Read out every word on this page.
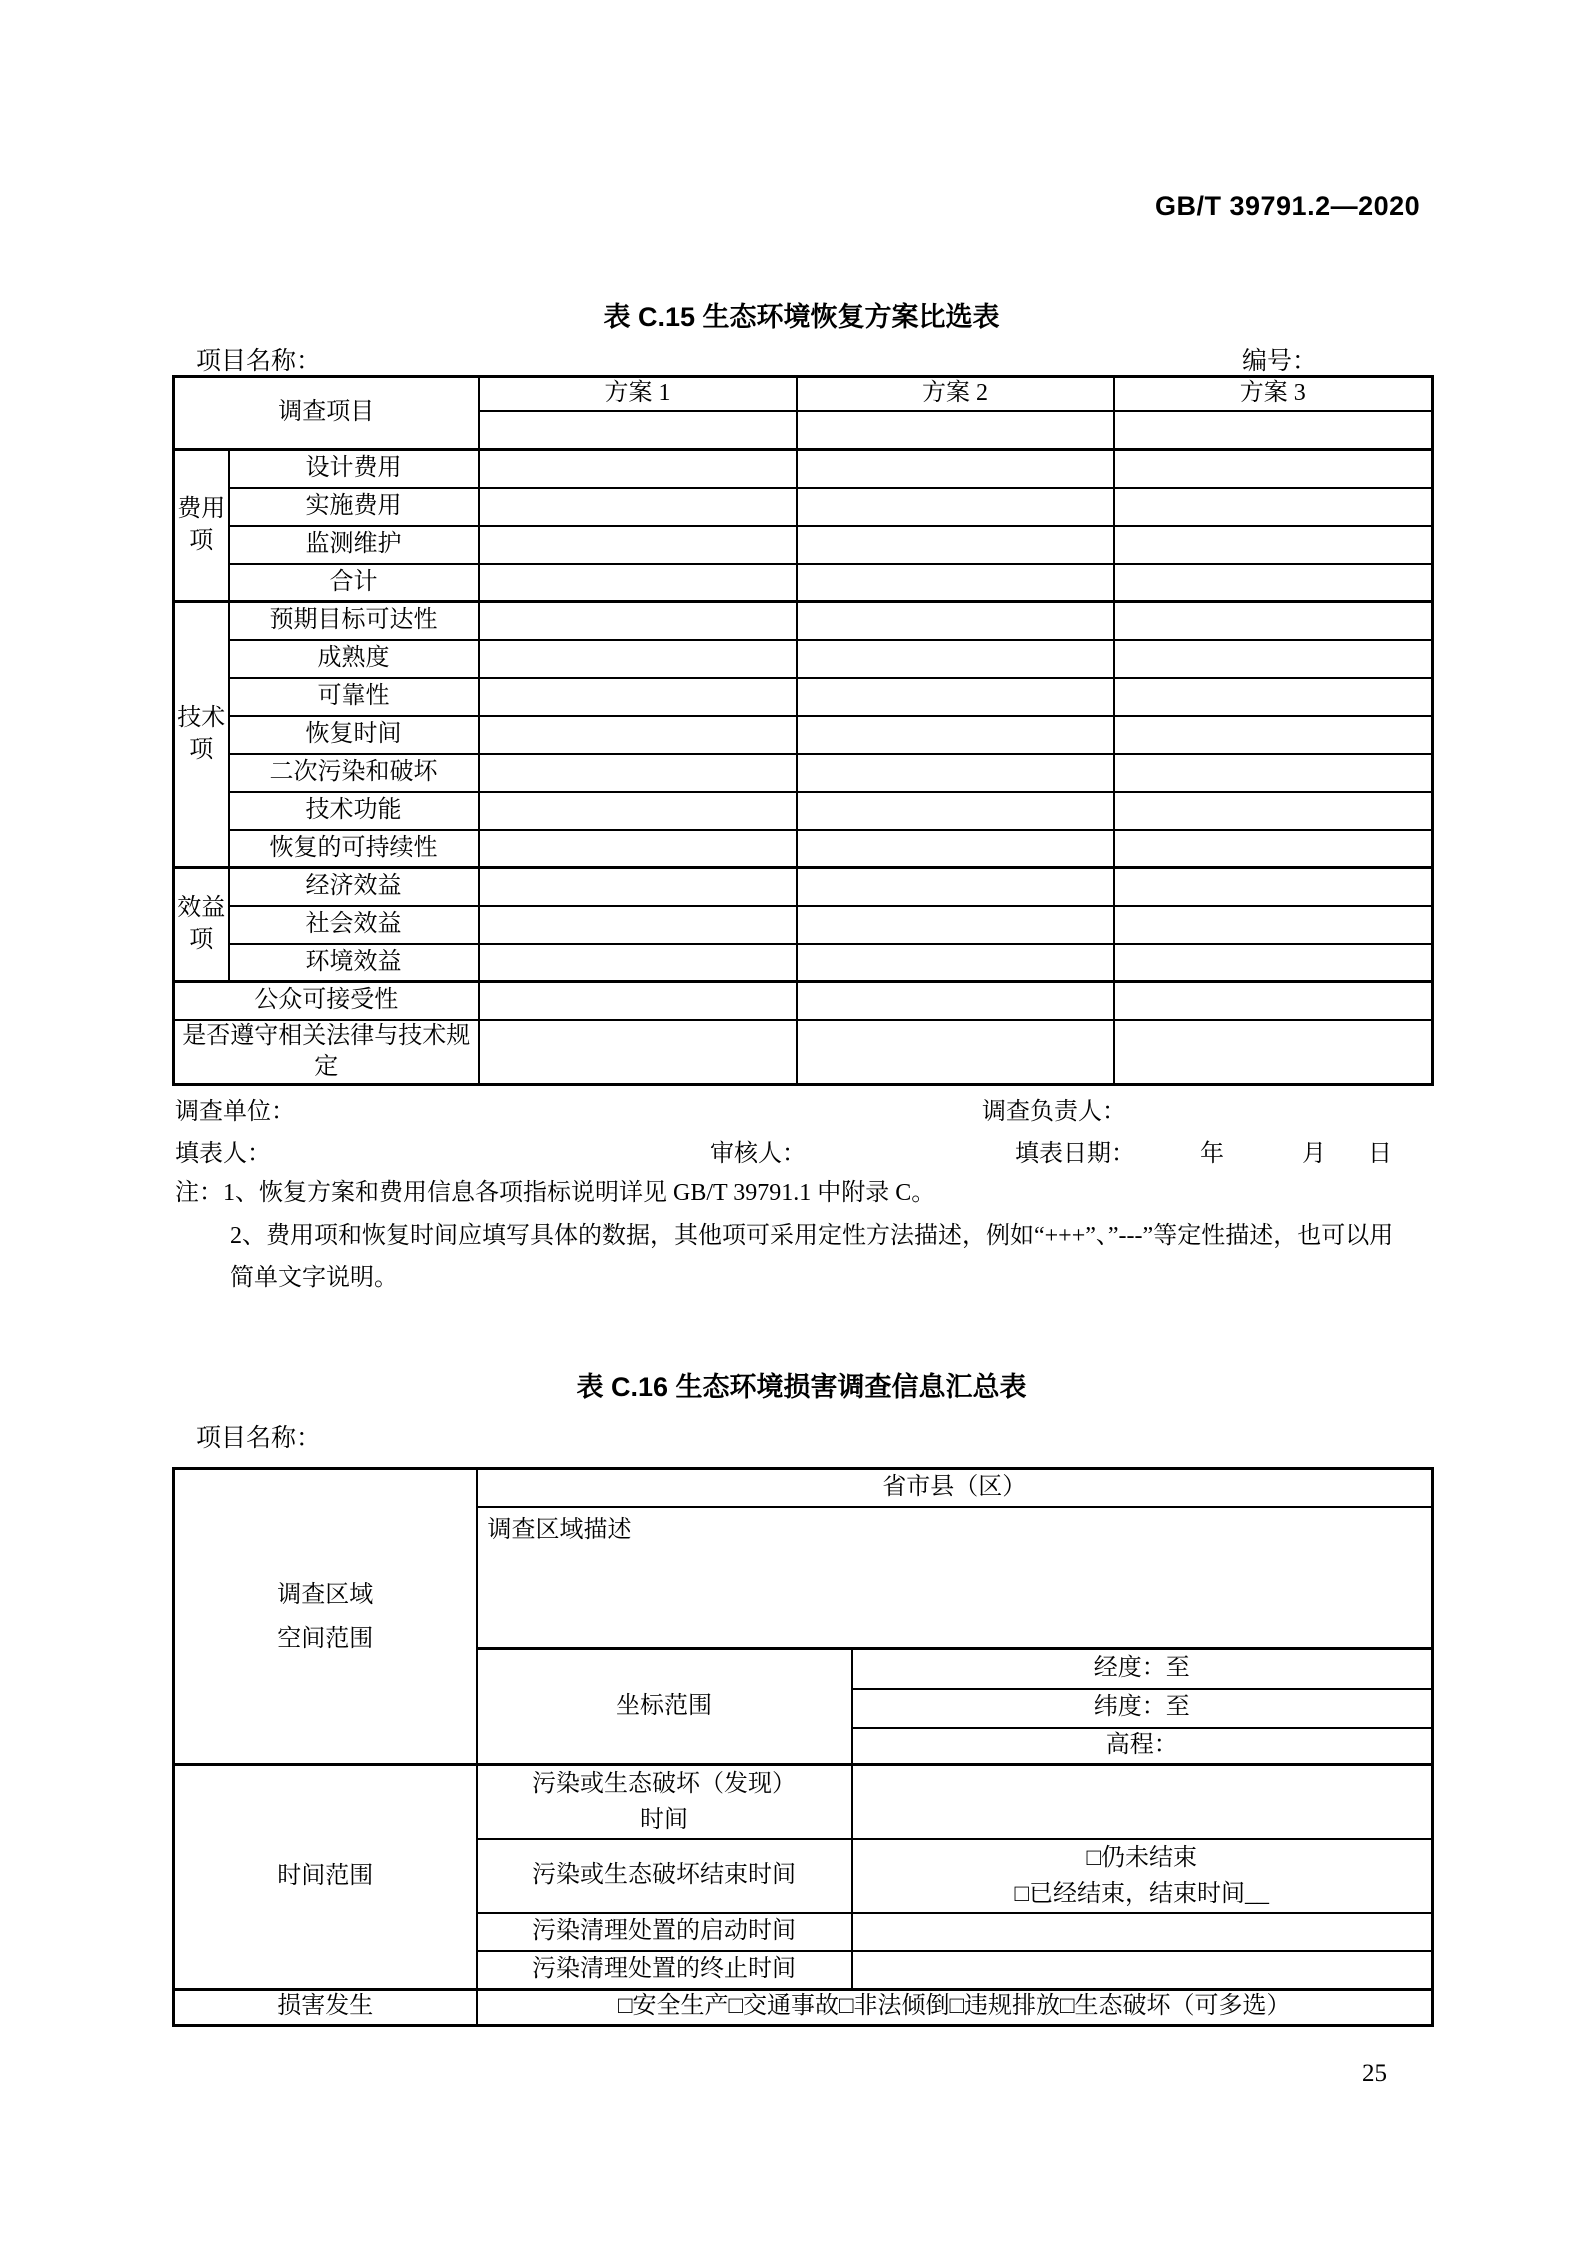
GB/T 39791.2—2020
表 C.15 生态环境恢复方案比选表
项目名称：	编号：
调查项目		方案 1	方案 2	方案 3

费用项	设计费用			
	实施费用			
	监测维护			
	合计			
技术项	预期目标可达性			
	成熟度			
	可靠性			
	恢复时间			
	二次污染和破坏			
	技术功能			
	恢复的可持续性			
效益项	经济效益			
	社会效益			
	环境效益			
公众可接受性				
是否遵守相关法律与技术规定				
调查单位：	调查负责人：
填表人：	审核人：	填表日期：	年	月 日
注：1、恢复方案和费用信息各项指标说明详见 GB/T 39791.1 中附录 C。
2、费用项和恢复时间应填写具体的数据，其他项可采用定性方法描述，例如“+++”、”---”等定性描述，也可以用
简单文字说明。
表 C.16 生态环境损害调查信息汇总表
项目名称：
调查区域
空间范围	省市县（区）	
	调查区域描述	
	坐标范围	经度：至
		纬度：至
		高程：
时间范围	污染或生态破坏（发现）
时间	

	污染或生态破坏结束时间	□仍未结束
□已经结束，结束时间__

	污染清理处置的启动时间	
	污染清理处置的终止时间	
损害发生	□安全生产□交通事故□非法倾倒□违规排放□生态破坏（可多选）	
25
